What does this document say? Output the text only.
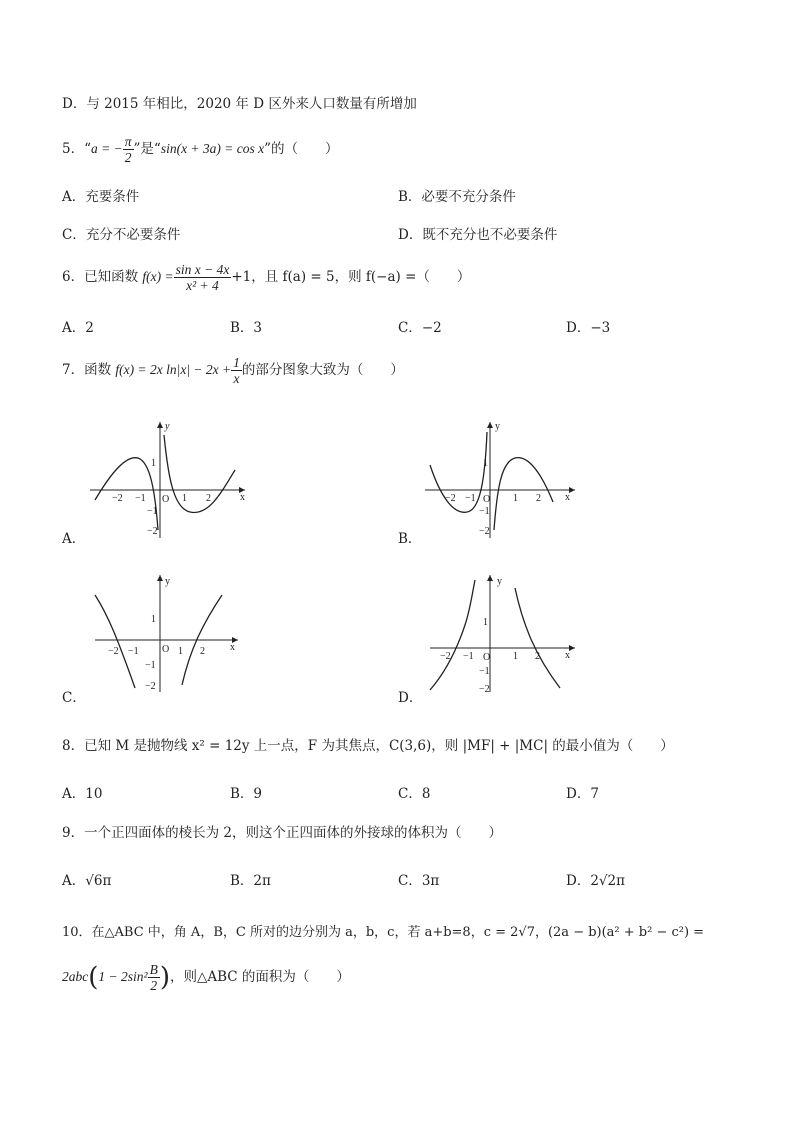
D．与 2015 年相比，2020 年 D 区外来人口数量有所增加
5．“a = − $\frac{\pi}{2}$ ”是“sin(x + 3a) = cos x”的（　　）
A．充要条件	B．必要不充分条件
C．充分不必要条件	D．既不充分也不必要条件
6．已知函数 $f(x) = \frac{\text{sin x − 4x}}{\text{x² + 4}} +1$，且 f(a) = 5，则 f(−a) =（　　）
A．2	B．3	C．−2	D．−3
7．函数 f(x) = 2x $\ln|x| - 2x + \frac{1}{x}$ 的部分图象大致为（　　）
y
x
O
1
−1
−2
−2 −1	1 2
A．
y
x
O
1
−1
−2
−2 −1	1 2
B．
y
x
O
1
−1
−2
−2 −1	1 2
C．
y
x
O
1
−1
−2
−2 −1	1 2
D．
8．已知 M 是抛物线 x² = 12y 上一点，F 为其焦点，C(3,6)，则 |MF| + |MC| 的最小值为（　　）
A．10	B．9	C．8	D．7
9．一个正四面体的棱长为 2，则这个正四面体的外接球的体积为（　　）
A．√6π	B．2π	C．3π	D．2√2π
10．在△ABC 中，角 A，B，C 所对的边分别为 a，b，c，若 a+b=8，c = 2√7，(2a − b)(a² + b² − c²) =
$2abc(1 - 2\sin^2 \frac{B}{2}$ )，则△ABC 的面积为（　　）
